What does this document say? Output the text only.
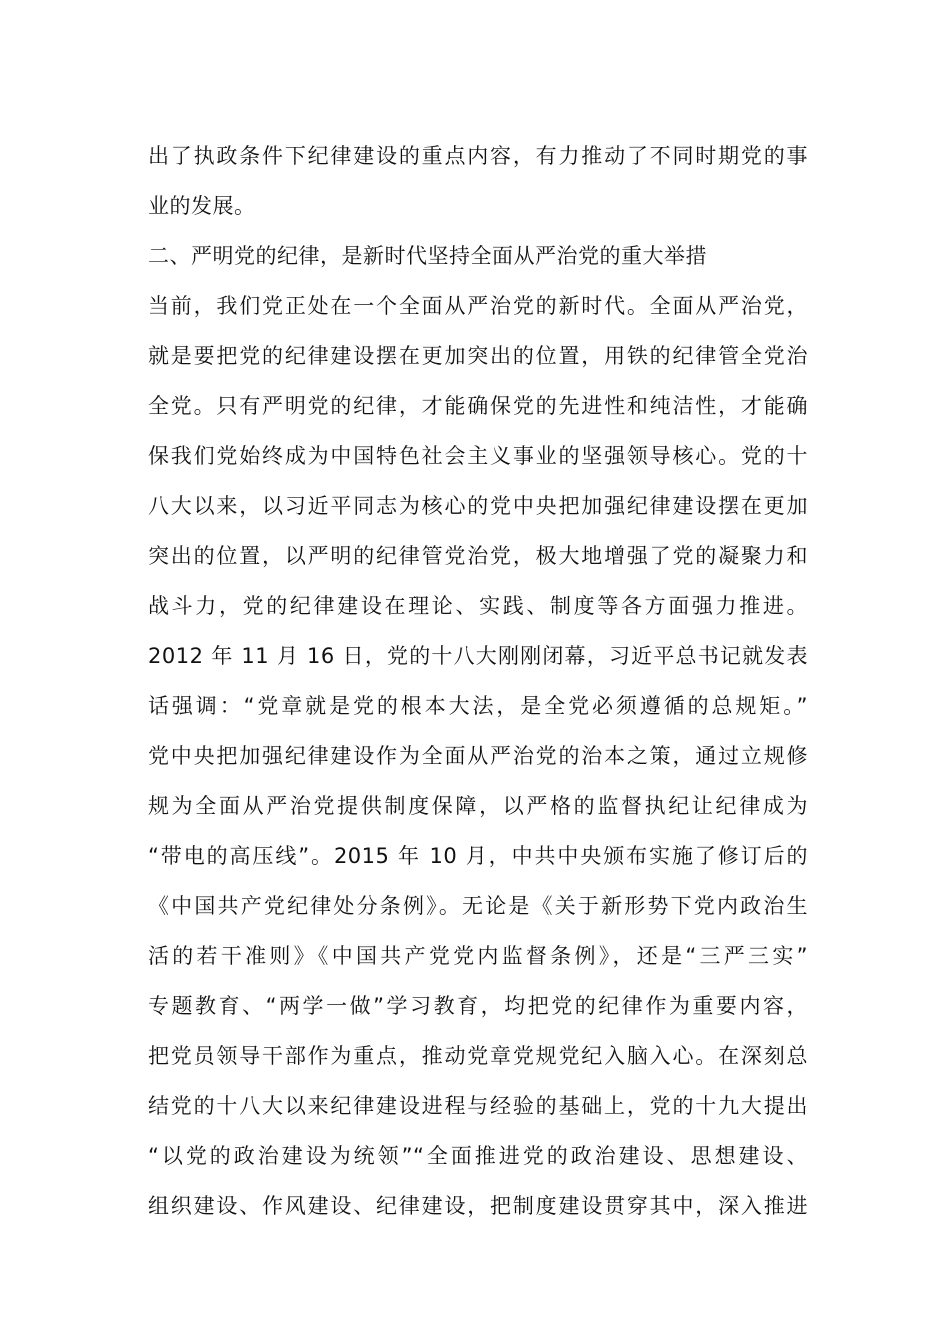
出了执政条件下纪律建设的重点内容，有力推动了不同时期党的事
业的发展。
二、严明党的纪律，是新时代坚持全面从严治党的重大举措
当前，我们党正处在一个全面从严治党的新时代。全面从严治党，
就是要把党的纪律建设摆在更加突出的位置，用铁的纪律管全党治
全党。只有严明党的纪律，才能确保党的先进性和纯洁性，才能确
保我们党始终成为中国特色社会主义事业的坚强领导核心。党的十
八大以来，以习近平同志为核心的党中央把加强纪律建设摆在更加
突出的位置，以严明的纪律管党治党，极大地增强了党的凝聚力和
战斗力，党的纪律建设在理论、实践、制度等各方面强力推进。
2012 年 11 月 16 日，党的十八大刚刚闭幕，习近平总书记就发表
话强调：“党章就是党的根本大法，是全党必须遵循的总规矩。”
党中央把加强纪律建设作为全面从严治党的治本之策，通过立规修
规为全面从严治党提供制度保障，以严格的监督执纪让纪律成为
“带电的高压线”。2015 年 10 月，中共中央颁布实施了修订后的
《中国共产党纪律处分条例》。无论是《关于新形势下党内政治生
活的若干准则》《中国共产党党内监督条例》，还是“三严三实”
专题教育、“两学一做”学习教育，均把党的纪律作为重要内容，
把党员领导干部作为重点，推动党章党规党纪入脑入心。在深刻总
结党的十八大以来纪律建设进程与经验的基础上，党的十九大提出
“以党的政治建设为统领”“全面推进党的政治建设、思想建设、
组织建设、作风建设、纪律建设，把制度建设贯穿其中，深入推进
